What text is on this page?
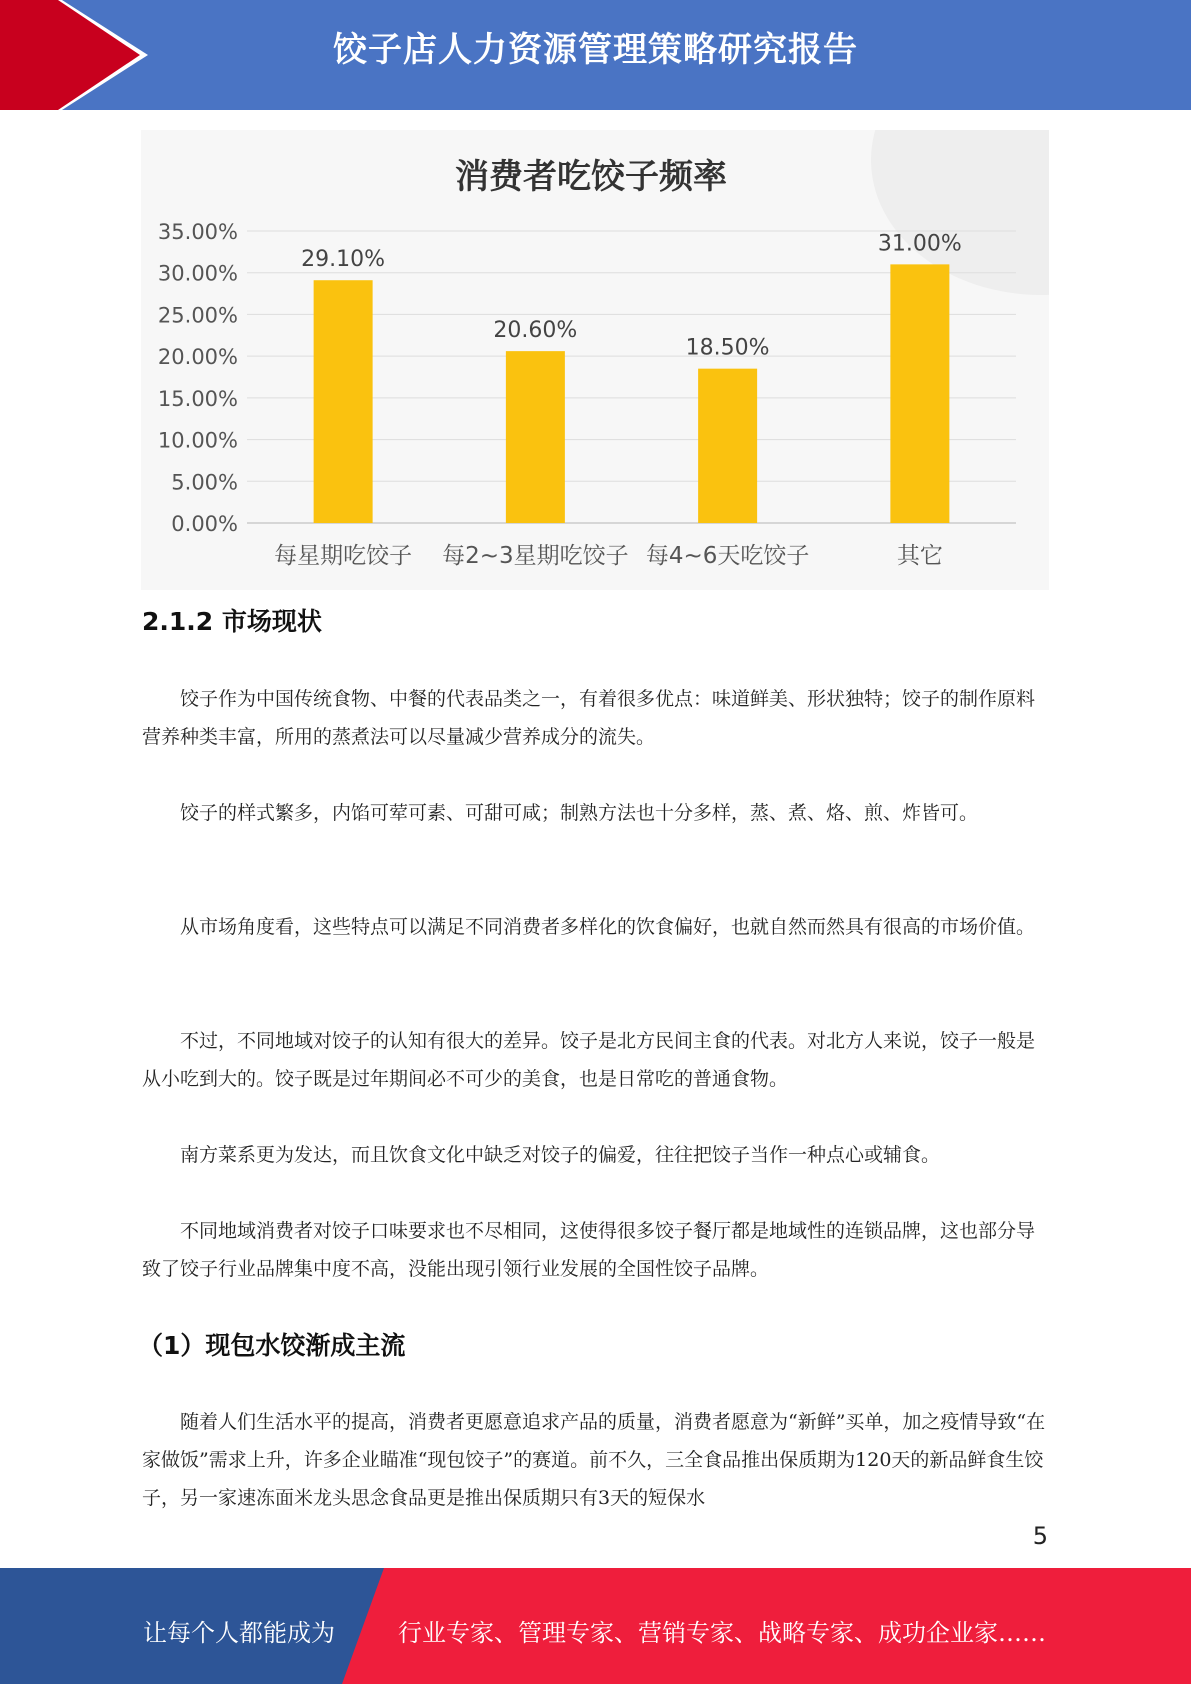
饺子店人力资源管理策略研究报告
消费者吃饺子频率
0.00%
5.00%
10.00%
15.00%
20.00%
25.00%
30.00%
35.00%
29.10%
每星期吃饺子
20.60%
每2~3星期吃饺子
18.50%
每4~6天吃饺子
31.00%
其它
2.1.2 市场现状

饺子作为中国传统食物、中餐的代表品类之一，有着很多优点：味道鲜美、形状独特；饺子的制作原料营养种类丰富，所用的蒸煮法可以尽量减少营养成分的流失。

饺子的样式繁多，内馅可荤可素、可甜可咸；制熟方法也十分多样，蒸、煮、烙、煎、炸皆可。

从市场角度看，这些特点可以满足不同消费者多样化的饮食偏好，也就自然而然具有很高的市场价值。

不过，不同地域对饺子的认知有很大的差异。饺子是北方民间主食的代表。对北方人来说，饺子一般是从小吃到大的。饺子既是过年期间必不可少的美食，也是日常吃的普通食物。

南方菜系更为发达，而且饮食文化中缺乏对饺子的偏爱，往往把饺子当作一种点心或辅食。

不同地域消费者对饺子口味要求也不尽相同，这使得很多饺子餐厅都是地域性的连锁品牌，这也部分导致了饺子行业品牌集中度不高，没能出现引领行业发展的全国性饺子品牌。

（1）现包水饺渐成主流

随着人们生活水平的提高，消费者更愿意追求产品的质量，消费者愿意为“新鲜”买单，加之疫情导致“在家做饭”需求上升，许多企业瞄准“现包饺子”的赛道。前不久，三全食品推出保质期为120天的新品鲜食生饺子，另一家速冻面米龙头思念食品更是推出保质期只有3天的短保水

5
让每个人都能成为	行业专家、管理专家、营销专家、战略专家、成功企业家……
